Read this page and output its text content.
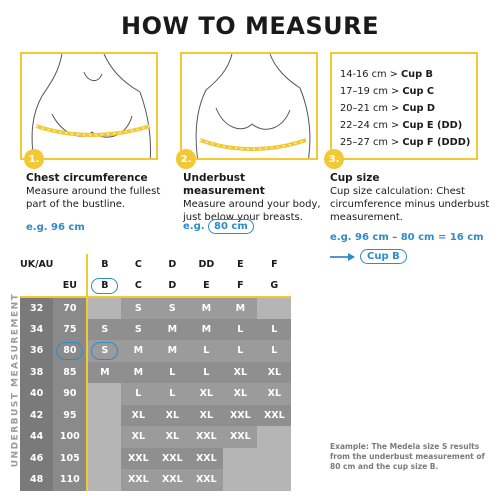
HOW TO MEASURE
1.	2.
14-16 cm > Cup B
17–19 cm > Cup C
20–21 cm > Cup D
22–24 cm > Cup E (DD)
25–27 cm > Cup F (DDD)
3.
Chest circumference
Measure around the fullest part of the bustline.
e.g. 96 cm
Underbust measurement
Measure around your body, just below your breasts.
e.g. 80 cm
Cup size
Cup size calculation: Chest circumference minus underbust measurement.
e.g. 96 cm – 80 cm = 16 cm
Cup B
UNDERBUST MEASUREMENT
UK/AU		B	C	D	DD	E	F
	EU	B	C	D	E	F	G
32	70		S	S	M	M	
34	75	S	S	M	M	L	L
36	80	S	M	M	L	L	L
38	85	M	M	L	L	XL	XL
40	90		L	L	XL	XL	XL
42	95		XL	XL	XL	XXL	XXL
44	100		XL	XL	XXL	XXL	
46	105		XXL	XXL	XXL		
48	110		XXL	XXL	XXL		
Example: The Medela size S results from the underbust measurement of 80 cm and the cup size B.
